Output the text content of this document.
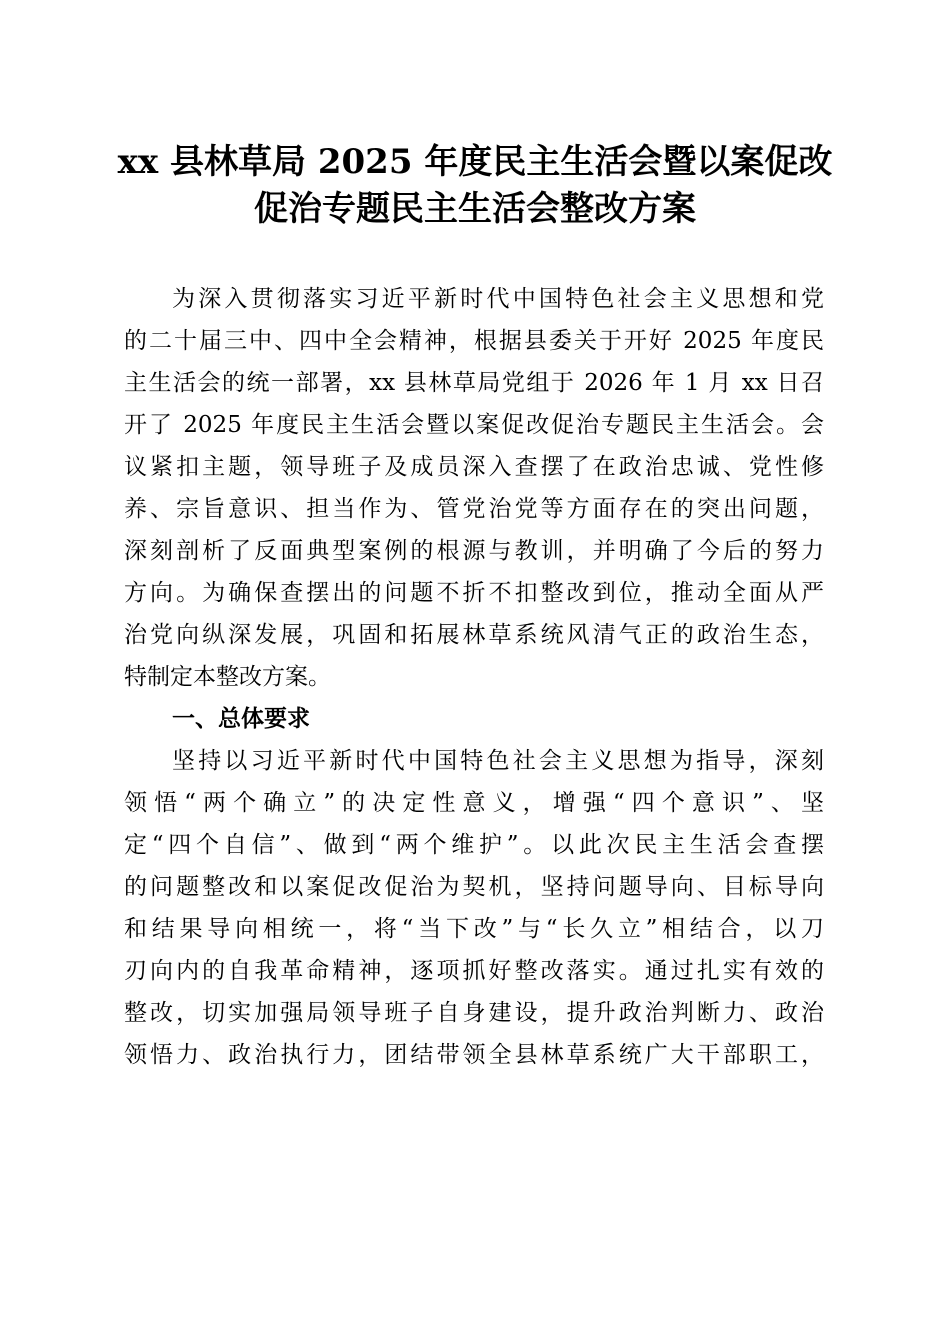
xx 县林草局 2025 年度民主生活会暨以案促改
促治专题民主生活会整改方案
为深入贯彻落实习近平新时代中国特色社会主义思想和党
的二十届三中、四中全会精神，根据县委关于开好 2025 年度民
主生活会的统一部署，xx 县林草局党组于 2026 年 1 月 xx 日召
开了 2025 年度民主生活会暨以案促改促治专题民主生活会。会
议紧扣主题，领导班子及成员深入查摆了在政治忠诚、党性修
养、宗旨意识、担当作为、管党治党等方面存在的突出问题，
深刻剖析了反面典型案例的根源与教训，并明确了今后的努力
方向。为确保查摆出的问题不折不扣整改到位，推动全面从严
治党向纵深发展，巩固和拓展林草系统风清气正的政治生态，
特制定本整改方案。
一、总体要求
坚持以习近平新时代中国特色社会主义思想为指导，深刻
领悟“两个确立”的决定性意义，增强“四个意识”、坚
定“四个自信”、做到“两个维护”。以此次民主生活会查摆
的问题整改和以案促改促治为契机，坚持问题导向、目标导向
和结果导向相统一，将“当下改”与“长久立”相结合，以刀
刃向内的自我革命精神，逐项抓好整改落实。通过扎实有效的
整改，切实加强局领导班子自身建设，提升政治判断力、政治
领悟力、政治执行力，团结带领全县林草系统广大干部职工，
